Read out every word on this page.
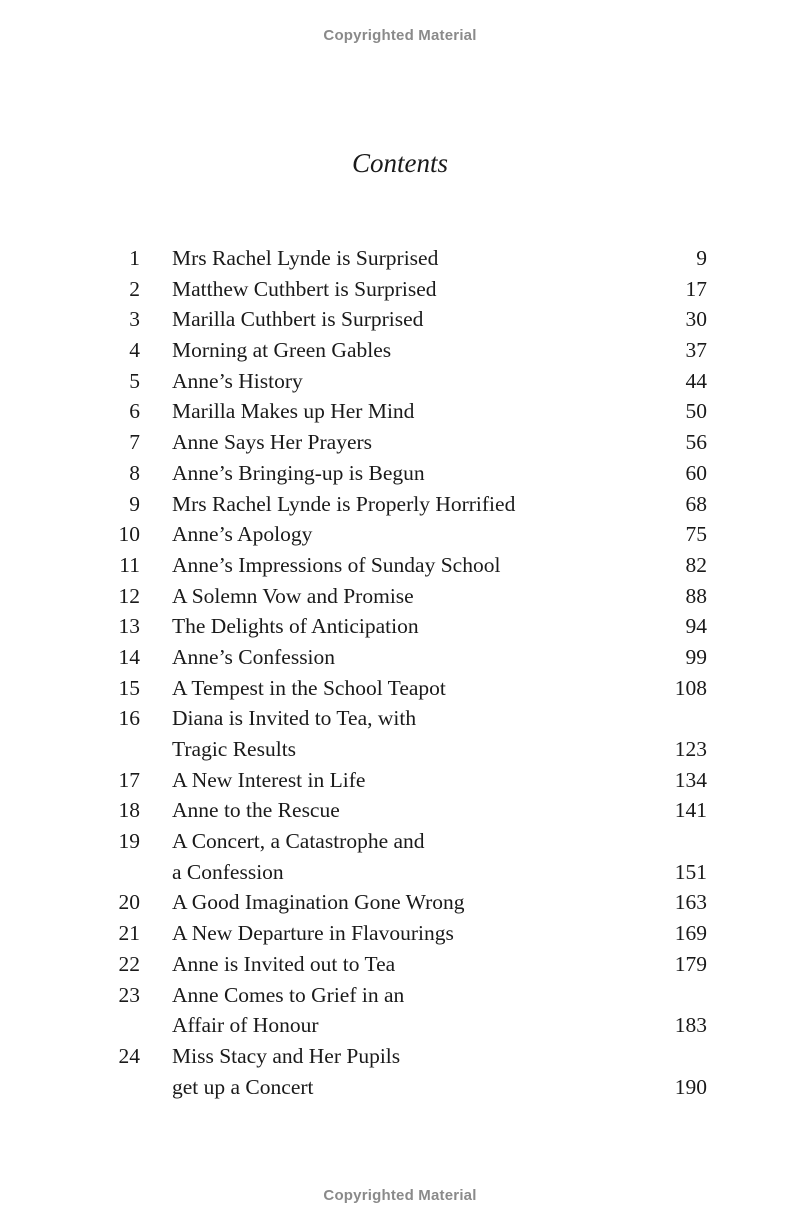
Copyrighted Material
Contents
1	Mrs Rachel Lynde is Surprised	9
2	Matthew Cuthbert is Surprised	17
3	Marilla Cuthbert is Surprised	30
4	Morning at Green Gables	37
5	Anne’s History	44
6	Marilla Makes up Her Mind	50
7	Anne Says Her Prayers	56
8	Anne’s Bringing-up is Begun	60
9	Mrs Rachel Lynde is Properly Horrified	68
10	Anne’s Apology	75
11	Anne’s Impressions of Sunday School	82
12	A Solemn Vow and Promise	88
13	The Delights of Anticipation	94
14	Anne’s Confession	99
15	A Tempest in the School Teapot	108
16	Diana is Invited to Tea, with
Tragic Results	123
17	A New Interest in Life	134
18	Anne to the Rescue	141
19	A Concert, a Catastrophe and
a Confession	151
20	A Good Imagination Gone Wrong	163
21	A New Departure in Flavourings	169
22	Anne is Invited out to Tea	179
23	Anne Comes to Grief in an
Affair of Honour	183
24	Miss Stacy and Her Pupils
get up a Concert	190
Copyrighted Material
